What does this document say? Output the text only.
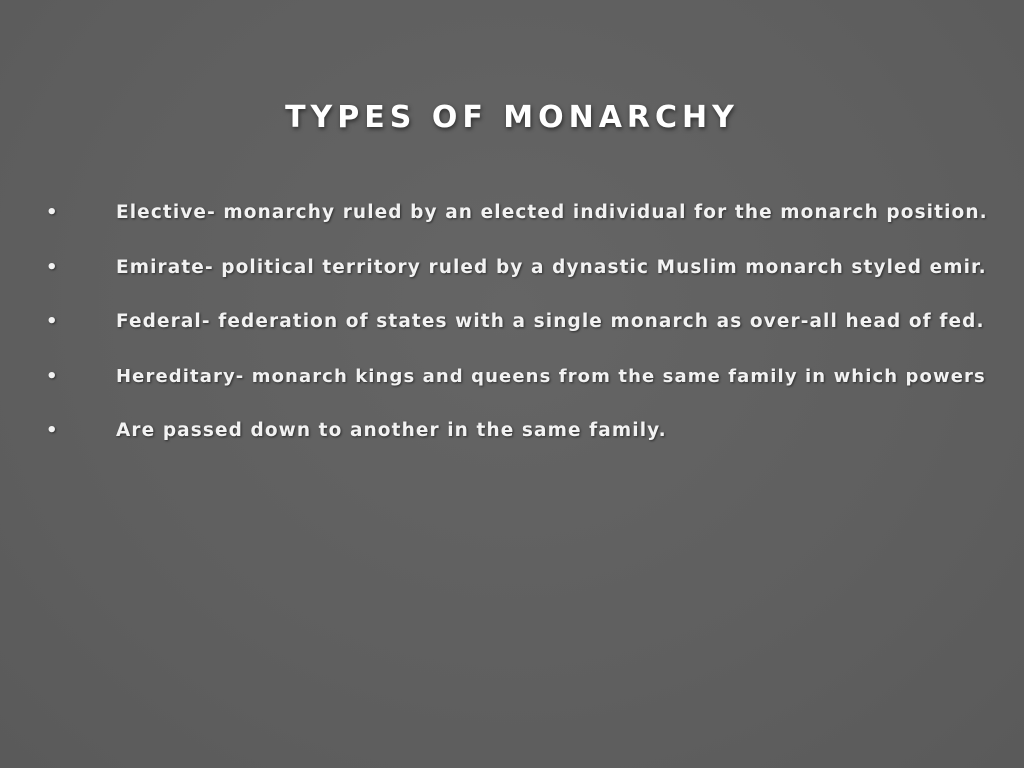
TYPES OF MONARCHY
•	Elective- monarchy ruled by an elected individual for the monarch position.
•	Emirate- political territory ruled by a dynastic Muslim monarch styled emir.
•	Federal- federation of states with a single monarch as over-all head of fed.
•	Hereditary- monarch kings and queens from the same family in which powers
•	Are passed down to another in the same family.
